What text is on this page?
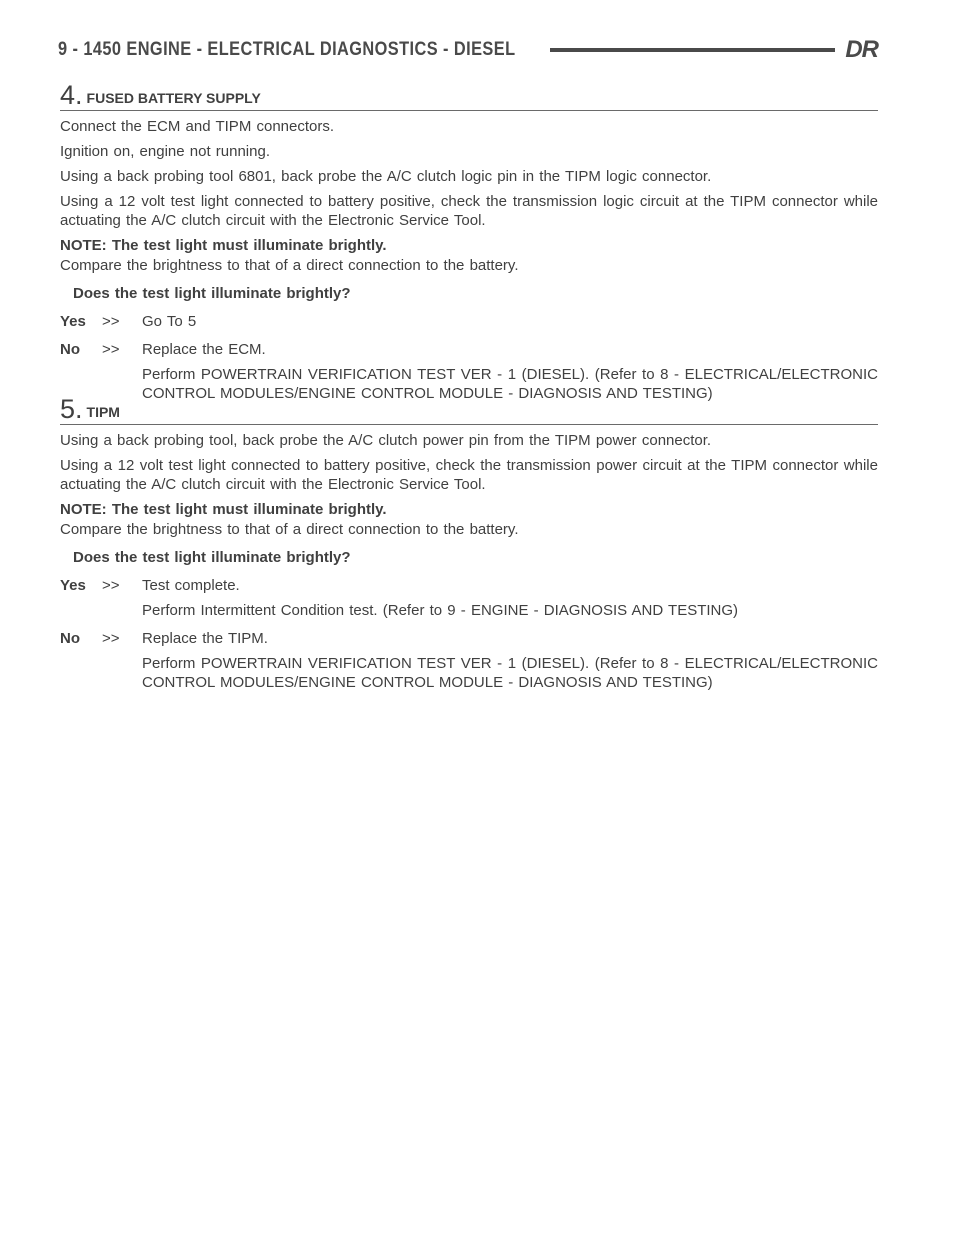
9 - 1450 ENGINE - ELECTRICAL DIAGNOSTICS - DIESEL	DR
4. FUSED BATTERY SUPPLY

Connect the ECM and TIPM connectors.

Ignition on, engine not running.

Using a back probing tool 6801, back probe the A/C clutch logic pin in the TIPM logic connector.

Using a 12 volt test light connected to battery positive, check the transmission logic circuit at the TIPM connector while actuating the A/C clutch circuit with the Electronic Service Tool.

NOTE: The test light must illuminate brightly.

Compare the brightness to that of a direct connection to the battery.

Does the test light illuminate brightly?

Yes	>>	Go To 5

No	>>	Replace the ECM.

Perform POWERTRAIN VERIFICATION TEST VER - 1 (DIESEL). (Refer to 8 - ELECTRICAL/ELECTRONIC CONTROL MODULES/ENGINE CONTROL MODULE - DIAGNOSIS AND TESTING)

5. TIPM

Using a back probing tool, back probe the A/C clutch power pin from the TIPM power connector.

Using a 12 volt test light connected to battery positive, check the transmission power circuit at the TIPM connector while actuating the A/C clutch circuit with the Electronic Service Tool.

NOTE: The test light must illuminate brightly.

Compare the brightness to that of a direct connection to the battery.

Does the test light illuminate brightly?

Yes	>>	Test complete.

Perform Intermittent Condition test. (Refer to 9 - ENGINE - DIAGNOSIS AND TESTING)

No	>>	Replace the TIPM.

Perform POWERTRAIN VERIFICATION TEST VER - 1 (DIESEL). (Refer to 8 - ELECTRICAL/ELECTRONIC CONTROL MODULES/ENGINE CONTROL MODULE - DIAGNOSIS AND TESTING)
